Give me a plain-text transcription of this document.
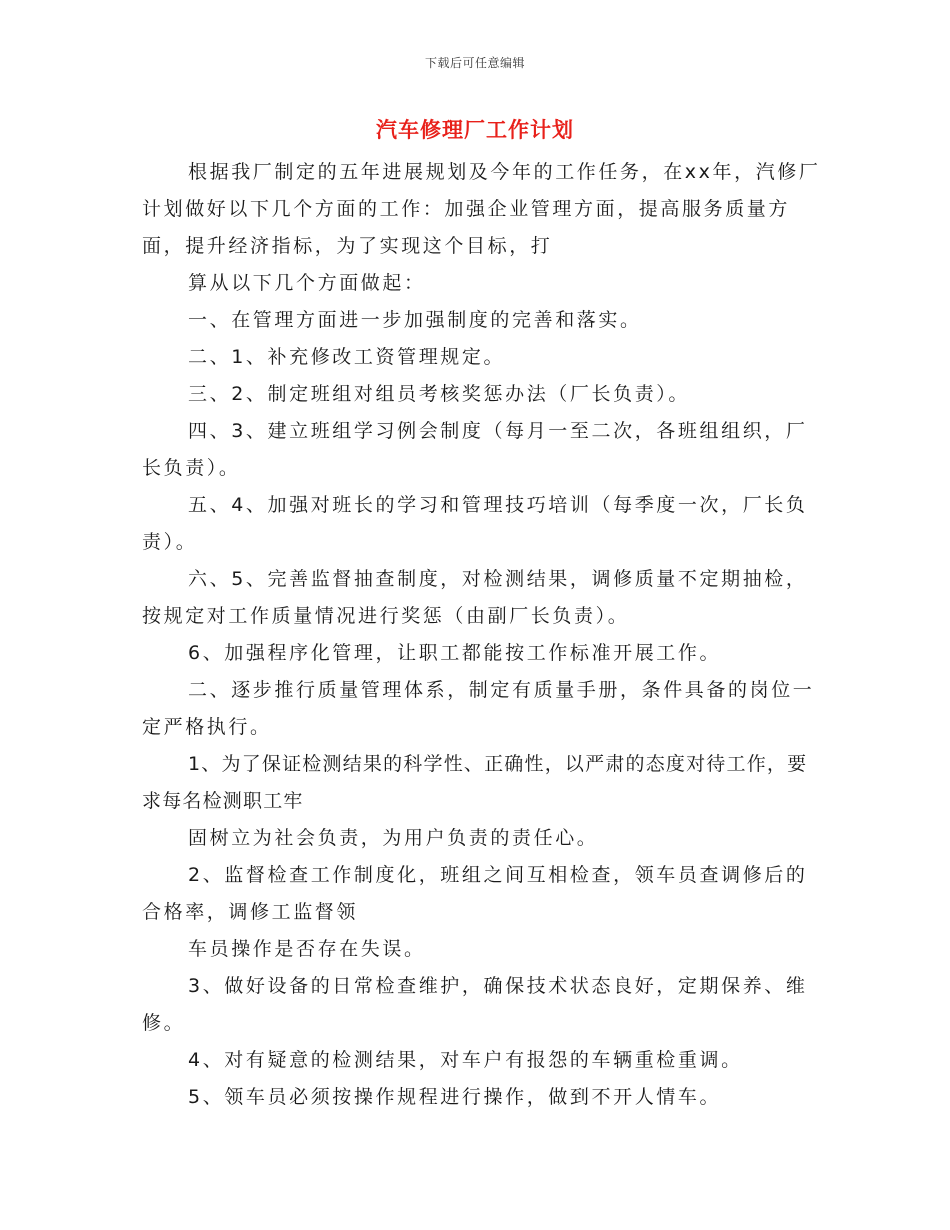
下载后可任意编辑
汽车修理厂工作计划

根据我厂制定的五年进展规划及今年的工作任务，在xx年，汽修厂计划做好以下几个方面的工作：加强企业管理方面，提高服务质量方面，提升经济指标，为了实现这个目标，打

算从以下几个方面做起：

一、在管理方面进一步加强制度的完善和落实。

二、1、补充修改工资管理规定。

三、2、制定班组对组员考核奖惩办法（厂长负责）。

四、3、建立班组学习例会制度（每月一至二次，各班组组织，厂长负责）。

五、4、加强对班长的学习和管理技巧培训（每季度一次，厂长负责）。

六、5、完善监督抽查制度，对检测结果，调修质量不定期抽检，按规定对工作质量情况进行奖惩（由副厂长负责）。

6、加强程序化管理，让职工都能按工作标准开展工作。

二、逐步推行质量管理体系，制定有质量手册，条件具备的岗位一定严格执行。

1、为了保证检测结果的科学性、正确性，以严肃的态度对待工作，要求每名检测职工牢

固树立为社会负责，为用户负责的责任心。

2、监督检查工作制度化，班组之间互相检查，领车员查调修后的合格率，调修工监督领

车员操作是否存在失误。

3、做好设备的日常检查维护，确保技术状态良好，定期保养、维修。

4、对有疑意的检测结果，对车户有报怨的车辆重检重调。

5、领车员必须按操作规程进行操作，做到不开人情车。
